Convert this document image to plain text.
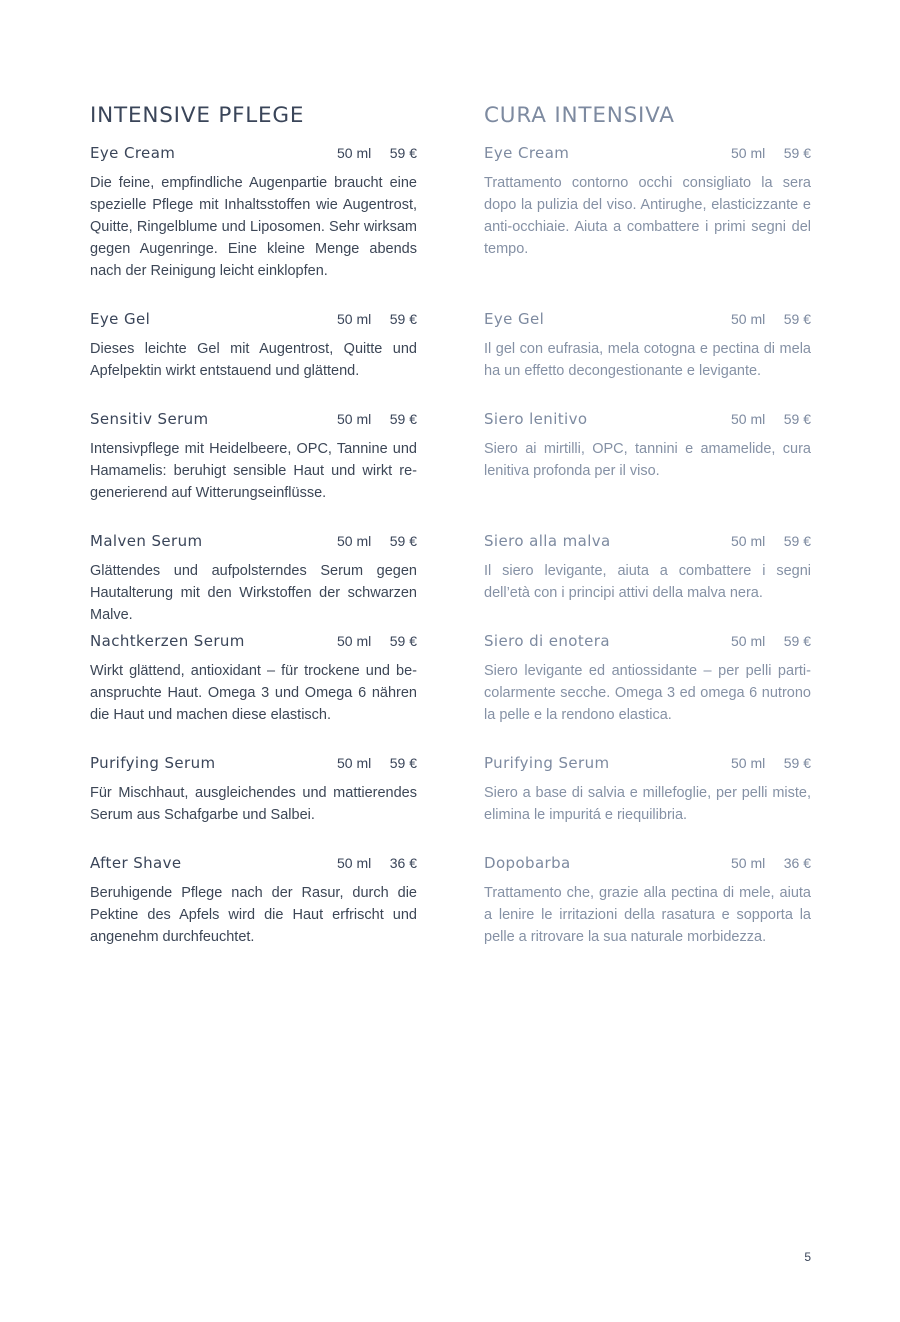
INTENSIVE PFLEGE
Eye Cream	50 ml	59 €

Die feine, empfindliche Augenpartie braucht eine spezielle Pflege mit Inhaltsstoffen wie Augentrost, Quitte, Ringelblume und Liposomen. Sehr wirksam gegen Augenringe. Eine kleine Menge abends nach der Reinigung leicht einklopfen.

Eye Gel	50 ml	59 €

Dieses leichte Gel mit Augentrost, Quitte und Apfelpektin wirkt entstauend und glättend.

Sensitiv Serum	50 ml	59 €

Intensivpflege mit Heidelbeere, OPC, Tannine und Hamamelis: beruhigt sensible Haut und wirkt regenerierend auf Witterungseinflüsse.

Malven Serum	50 ml	59 €

Glättendes und aufpolsterndes Serum gegen Hautalterung mit den Wirkstoffen der schwarzen Malve.

Nachtkerzen Serum	50 ml	59 €

Wirkt glättend, antioxidant – für trockene und beanspruchte Haut. Omega 3 und Omega 6 nähren die Haut und machen diese elastisch.

Purifying Serum	50 ml	59 €

Für Mischhaut, ausgleichendes und mattierendes Serum aus Schafgarbe und Salbei.

After Shave	50 ml	36 €

Beruhigende Pflege nach der Rasur, durch die Pektine des Apfels wird die Haut erfrischt und angenehm durchfeuchtet.

CURA INTENSIVA
Eye Cream	50 ml	59 €

Trattamento contorno occhi consigliato la sera dopo la pulizia del viso. Antirughe, elasticizzante e anti-occhiaie. Aiuta a combattere i primi segni del tempo.

Eye Gel	50 ml	59 €

Il gel con eufrasia, mela cotogna e pectina di mela ha un effetto decongestionante e levigante.

Siero lenitivo	50 ml	59 €

Siero ai mirtilli, OPC, tannini e amamelide, cura lenitiva profonda per il viso.

Siero alla malva	50 ml	59 €

Il siero levigante, aiuta a combattere i segni dell’età con i principi attivi della malva nera.

Siero di enotera	50 ml	59 €

Siero levigante ed antiossidante – per pelli particolarmente secche. Omega 3 ed omega 6 nutrono la pelle e la rendono elastica.

Purifying Serum	50 ml	59 €

Siero a base di salvia e millefoglie, per pelli miste, elimina le impuritá e riequilibria.

Dopobarba	50 ml	36 €

Trattamento che, grazie alla pectina di mele, aiuta a lenire le irritazioni della rasatura e sopporta la pelle a ritrovare la sua naturale morbidezza.

5
